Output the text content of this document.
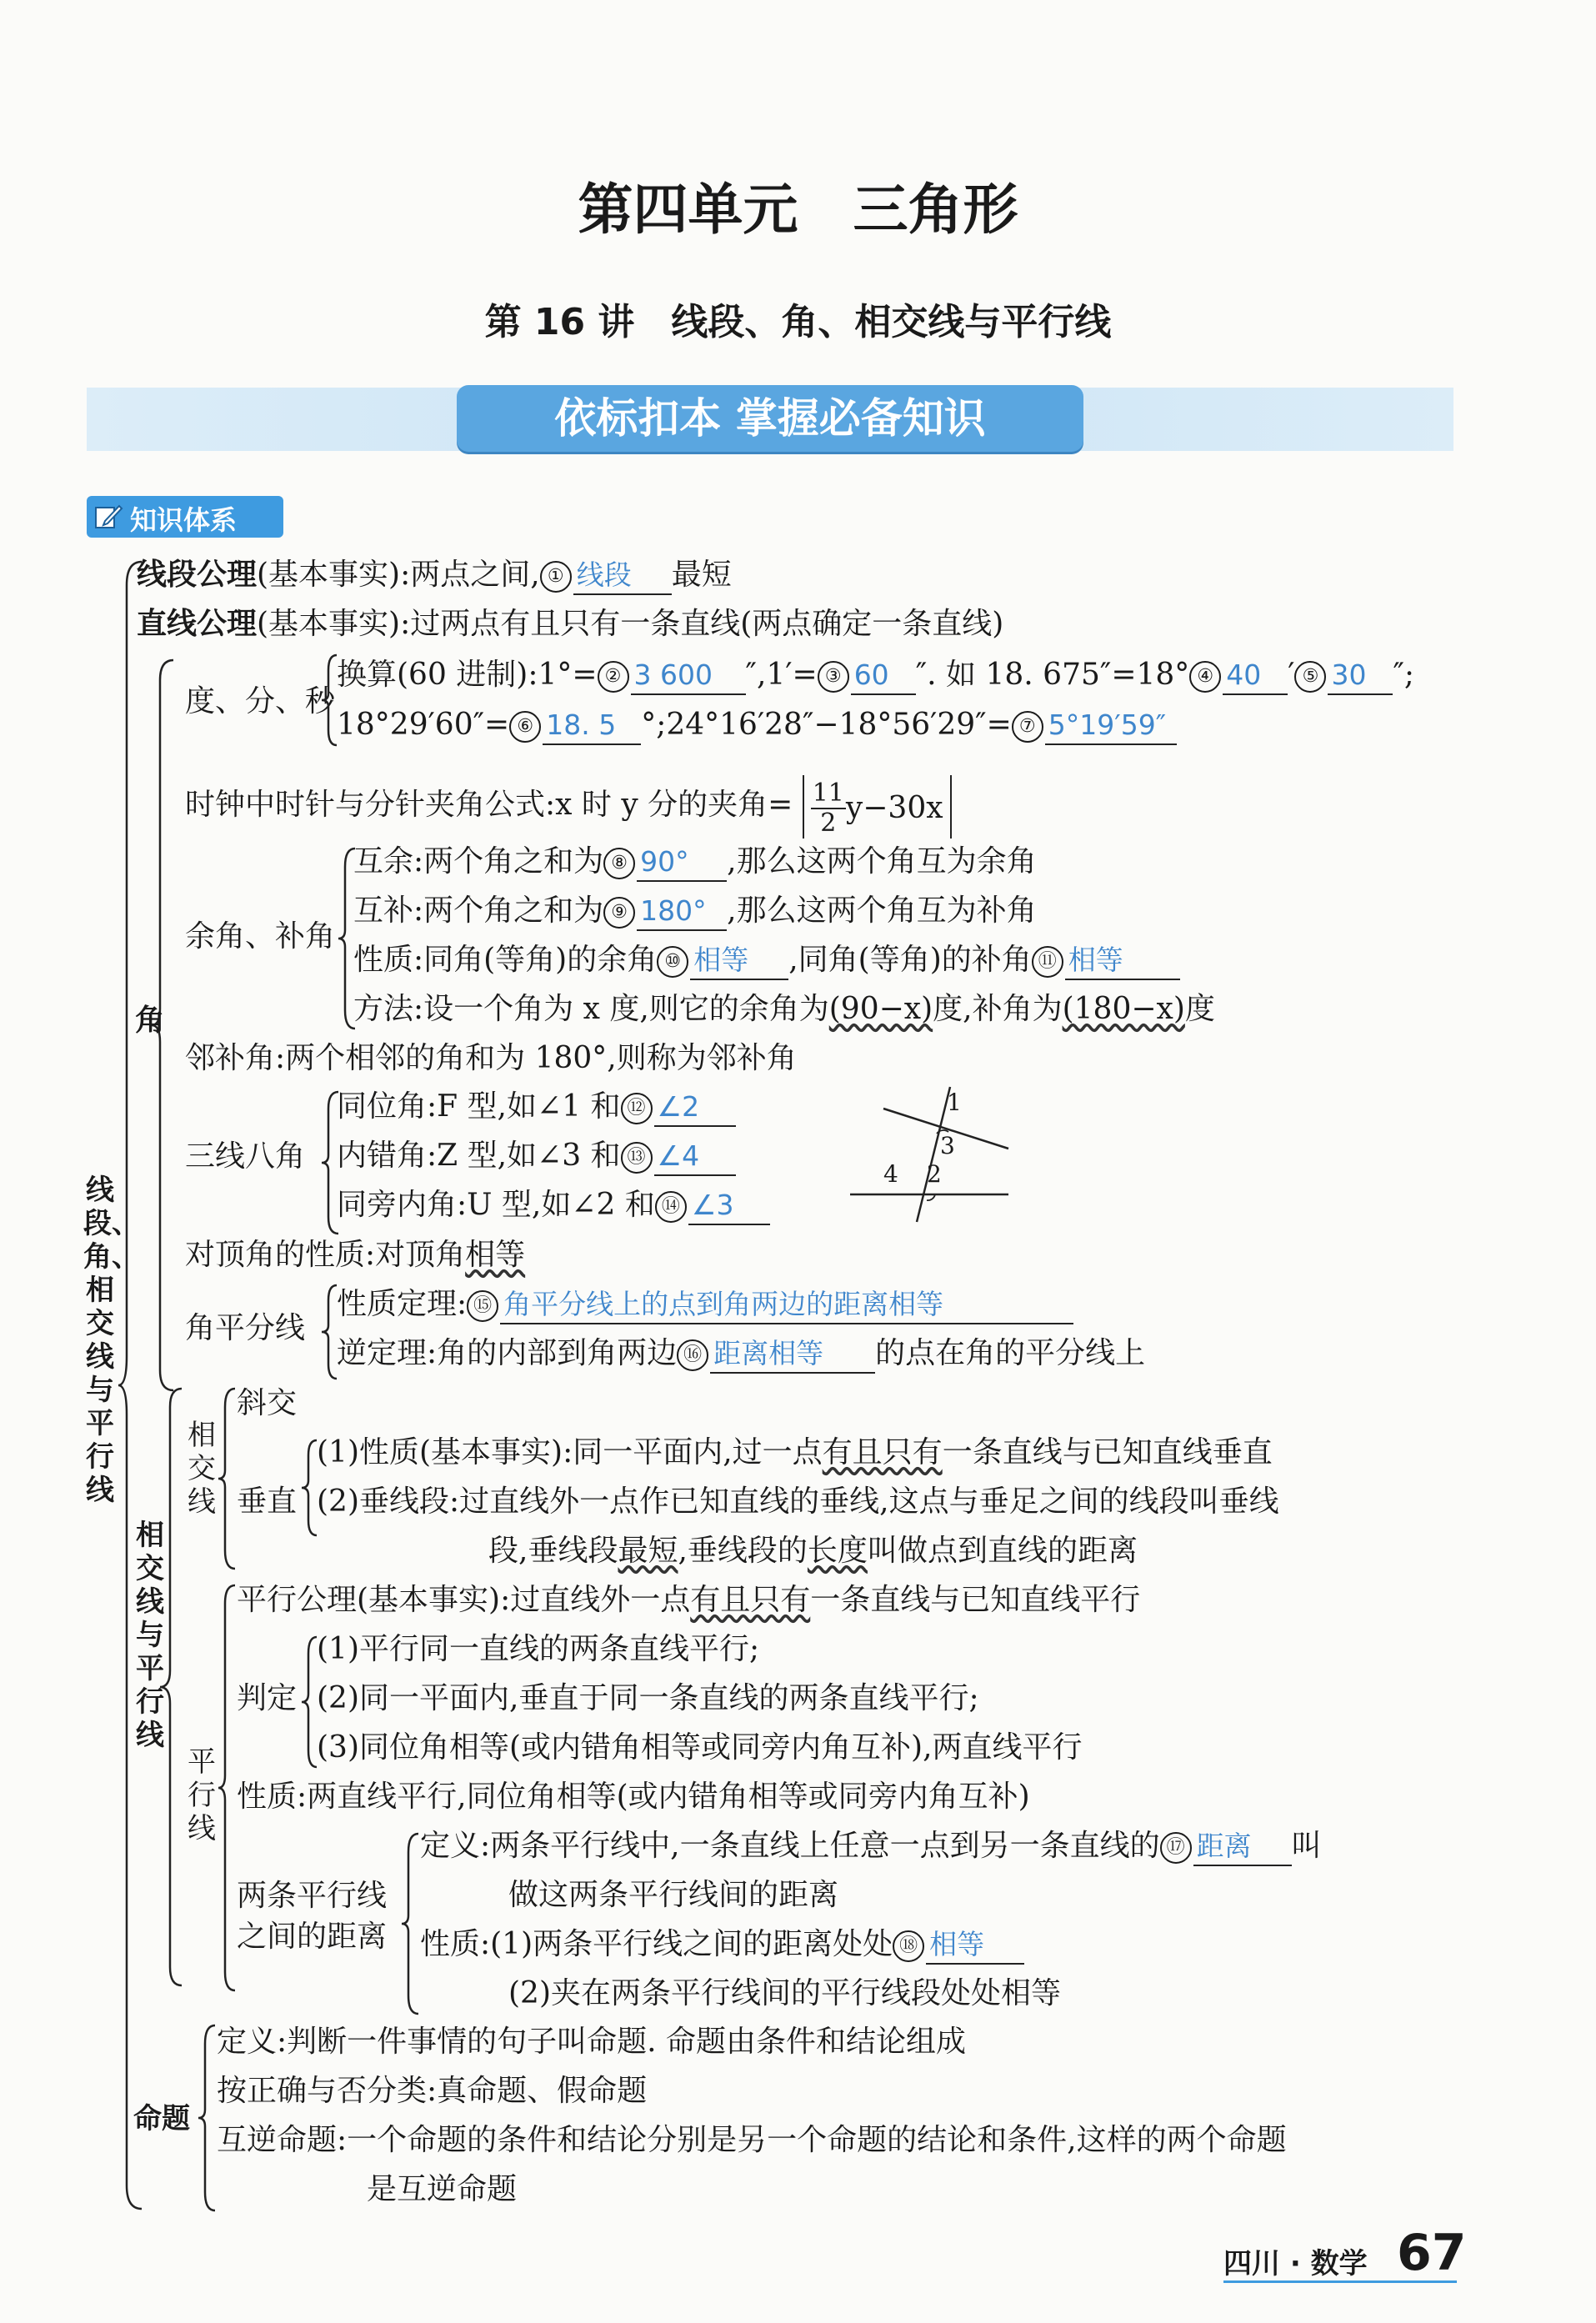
第四单元　三角形
第 16 讲　线段、角、相交线与平行线
依标扣本 掌握必备知识
知识体系
线段、角、相交线与平行线
线段公理(基本事实):两点之间, ① 线段 最短
直线公理(基本事实):过两点有且只有一条直线(两点确定一条直线)
角
度、分、秒
换算(60 进制):1°= ② 3 600 ″,1′= ③ 60 ″. 如 18. 675″=18° ④ 40 ′ ⑤ 30 ″;
18°29′60″= ⑥ 18. 5 °;24°16′28″−18°56′29″= ⑦ 5°19′59″
时钟中时针与分针夹角公式:x 时 y 分的夹角= $\frac{11}{2} y-30x$
余角、补角
互余:两个角之和为 ⑧ 90° ,那么这两个角互为余角
互补:两个角之和为 ⑨ 180° ,那么这两个角互为补角
性质:同角(等角)的余角 ⑩ 相等 ,同角(等角)的补角 ⑪ 相等
方法:设一个角为 x 度,则它的余角为(90−x)度,补角为(180−x)度
邻补角:两个相邻的角和为 180°,则称为邻补角
三线八角
同位角:F 型,如∠1 和 ⑫ ∠2
内错角:Z 型,如∠3 和 ⑬ ∠4
同旁内角:U 型,如∠2 和 ⑭ ∠3
1
3
4 2
对顶角的性质:对顶角相等
角平分线
性质定理: ⑮ 角平分线上的点到角两边的距离相等
逆定理:角的内部到角两边 ⑯ 距离相等 的点在角的平分线上
相交线与平行线
相交线
斜交
垂直
(1)性质(基本事实):同一平面内,过一点有且只有一条直线与已知直线垂直
(2)垂线段:过直线外一点作已知直线的垂线,这点与垂足之间的线段叫垂线
段,垂线段最短,垂线段的长度叫做点到直线的距离
平行线
平行公理(基本事实):过直线外一点有且只有一条直线与已知直线平行
判定
(1)平行同一直线的两条直线平行;
(2)同一平面内,垂直于同一条直线的两条直线平行;
(3)同位角相等(或内错角相等或同旁内角互补),两直线平行
性质:两直线平行,同位角相等(或内错角相等或同旁内角互补)
两条平行线
之间的距离
定义:两条平行线中,一条直线上任意一点到另一条直线的 ⑰ 距离 叫
做这两条平行线间的距离
性质:(1)两条平行线之间的距离处处 ⑱ 相等
(2)夹在两条平行线间的平行线段处处相等
命题
定义:判断一件事情的句子叫命题. 命题由条件和结论组成
按正确与否分类:真命题、假命题
互逆命题:一个命题的条件和结论分别是另一个命题的结论和条件,这样的两个命题
是互逆命题
四川 · 数学 67
